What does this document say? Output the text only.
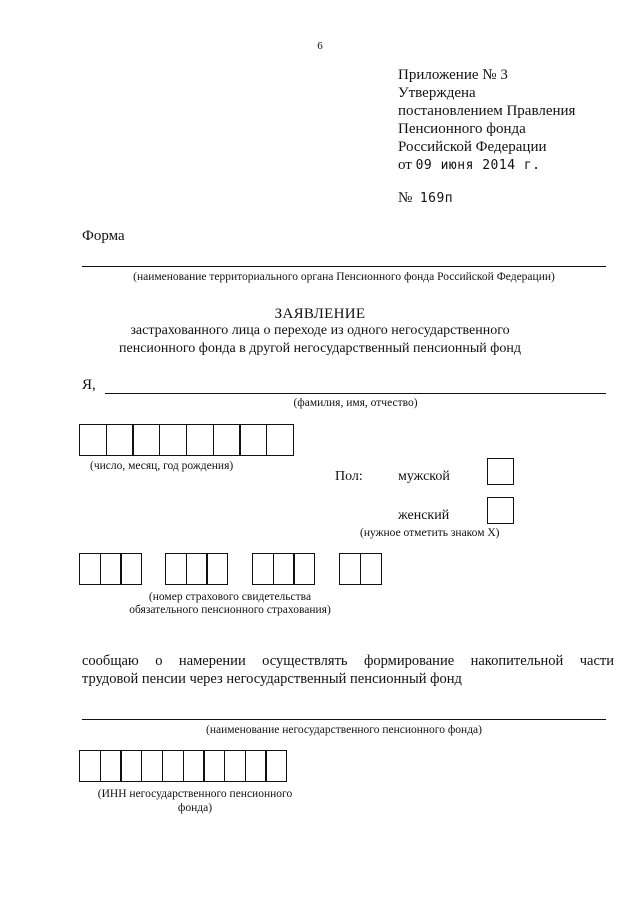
6
Приложение № 3
Утверждена
постановлением Правления
Пенсионного фонда
Российской Федерации
от 09 июня 2014 г.
№ 169п
Форма
(наименование территориального органа Пенсионного фонда Российской Федерации)
ЗАЯВЛЕНИЕ
застрахованного лица о переходе из одного негосударственного
пенсионного фонда в другой негосударственный пенсионный фонд
Я,
(фамилия, имя, отчество)
(число, месяц, год рождения)
Пол:	мужской
женский
(нужное отметить знаком Х)
(номер страхового свидетельства
обязательного пенсионного страхования)
сообщаю о намерении осуществлять формирование накопительной части
трудовой пенсии через негосударственный пенсионный фонд
(наименование негосударственного пенсионного фонда)
(ИНН негосударственного пенсионного
фонда)
